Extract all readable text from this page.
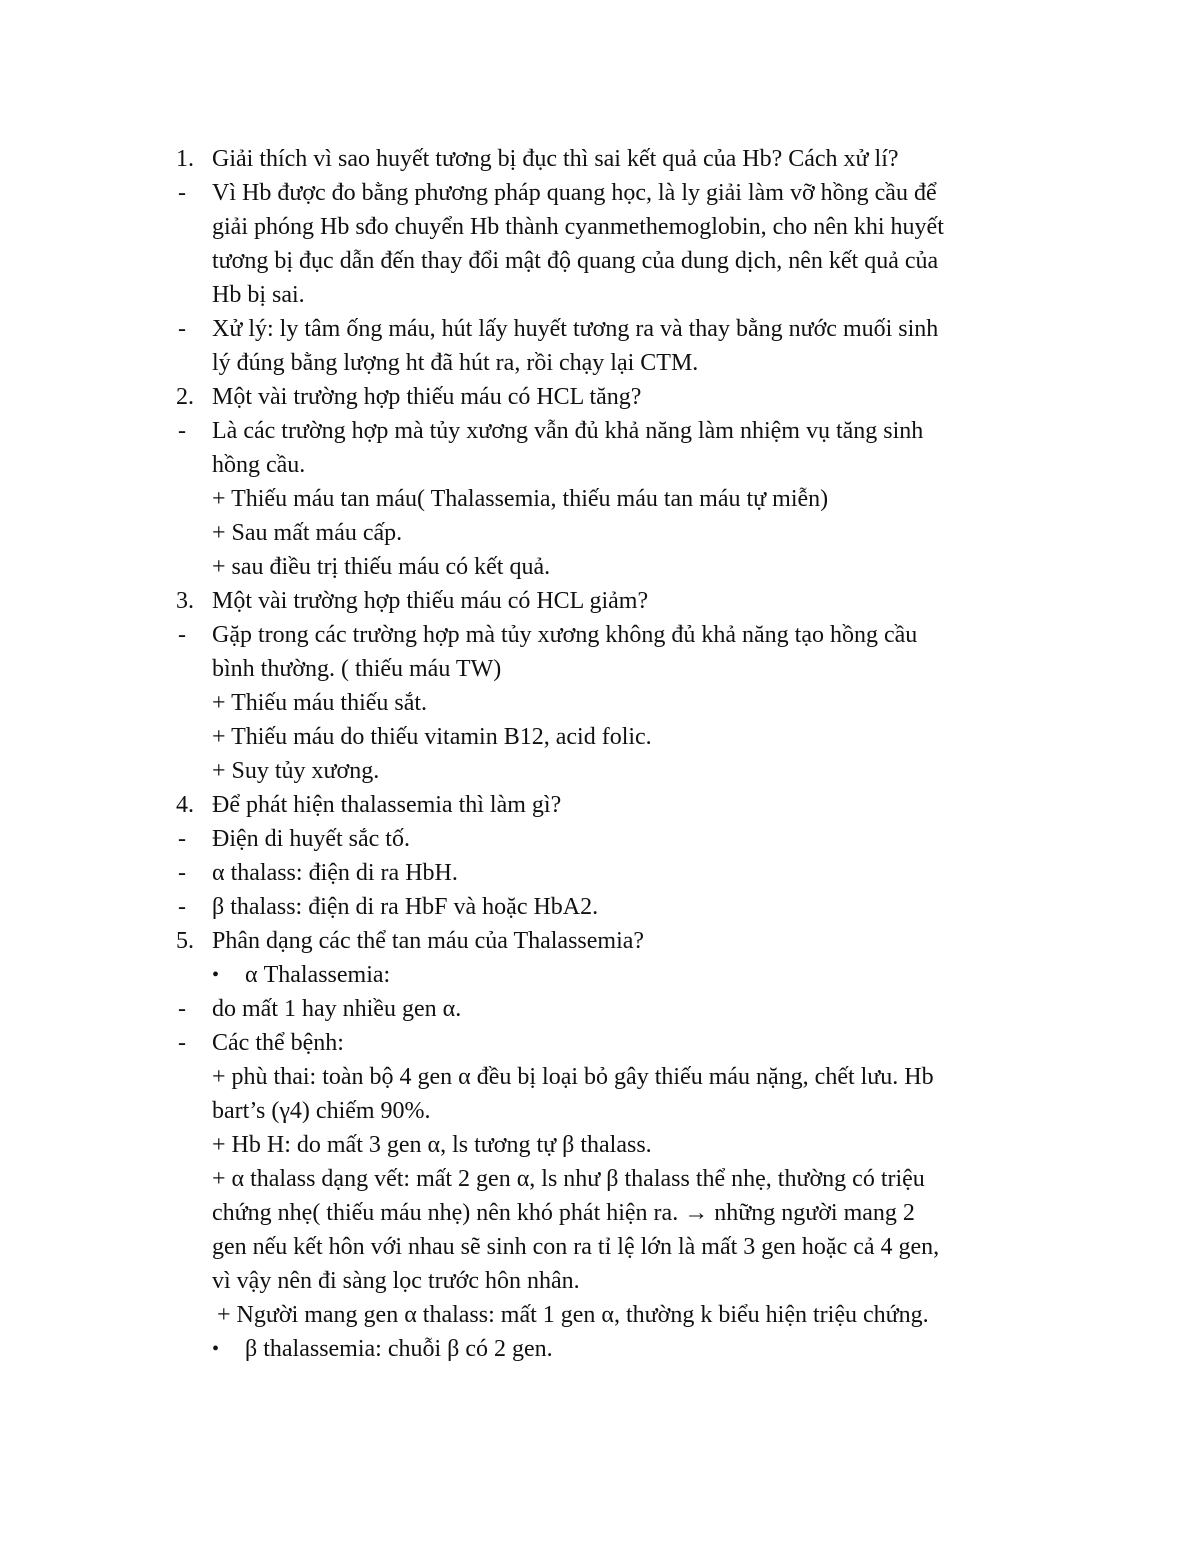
1. Giải thích vì sao huyết tương bị đục thì sai kết quả của Hb? Cách xử lí?
- Vì Hb được đo bằng phương pháp quang học, là ly giải làm vỡ hồng cầu để
giải phóng Hb sđo chuyển Hb thành cyanmethemoglobin, cho nên khi huyết
tương bị đục dẫn đến thay đổi mật độ quang của dung dịch, nên kết quả của
Hb bị sai.
- Xử lý: ly tâm ống máu, hút lấy huyết tương ra và thay bằng nước muối sinh
lý đúng bằng lượng ht đã hút ra, rồi chạy lại CTM.
2. Một vài trường hợp thiếu máu có HCL tăng?
- Là các trường hợp mà tủy xương vẫn đủ khả năng làm nhiệm vụ tăng sinh
hồng cầu.
+ Thiếu máu tan máu( Thalassemia, thiếu máu tan máu tự miễn)
+ Sau mất máu cấp.
+ sau điều trị thiếu máu có kết quả.
3. Một vài trường hợp thiếu máu có HCL giảm?
- Gặp trong các trường hợp mà tủy xương không đủ khả năng tạo hồng cầu
bình thường. ( thiếu máu TW)
+ Thiếu máu thiếu sắt.
+ Thiếu máu do thiếu vitamin B12, acid folic.
+ Suy tủy xương.
4. Để phát hiện thalassemia thì làm gì?
- Điện di huyết sắc tố.
- α thalass: điện di ra HbH.
- β thalass: điện di ra HbF và hoặc HbA2.
5. Phân dạng các thể tan máu của Thalassemia?
• α Thalassemia:
- do mất 1 hay nhiều gen α.
- Các thể bệnh:
+ phù thai: toàn bộ 4 gen α đều bị loại bỏ gây thiếu máu nặng, chết lưu. Hb
bart’s (γ4) chiếm 90%.
+ Hb H: do mất 3 gen α, ls tương tự β thalass.
+ α thalass dạng vết: mất 2 gen α, ls như β thalass thể nhẹ, thường có triệu
chứng nhẹ( thiếu máu nhẹ) nên khó phát hiện ra. → những người mang 2
gen nếu kết hôn với nhau sẽ sinh con ra tỉ lệ lớn là mất 3 gen hoặc cả 4 gen,
vì vậy nên đi sàng lọc trước hôn nhân.
+ Người mang gen α thalass: mất 1 gen α, thường k biểu hiện triệu chứng.
• β thalassemia: chuỗi β có 2 gen.
